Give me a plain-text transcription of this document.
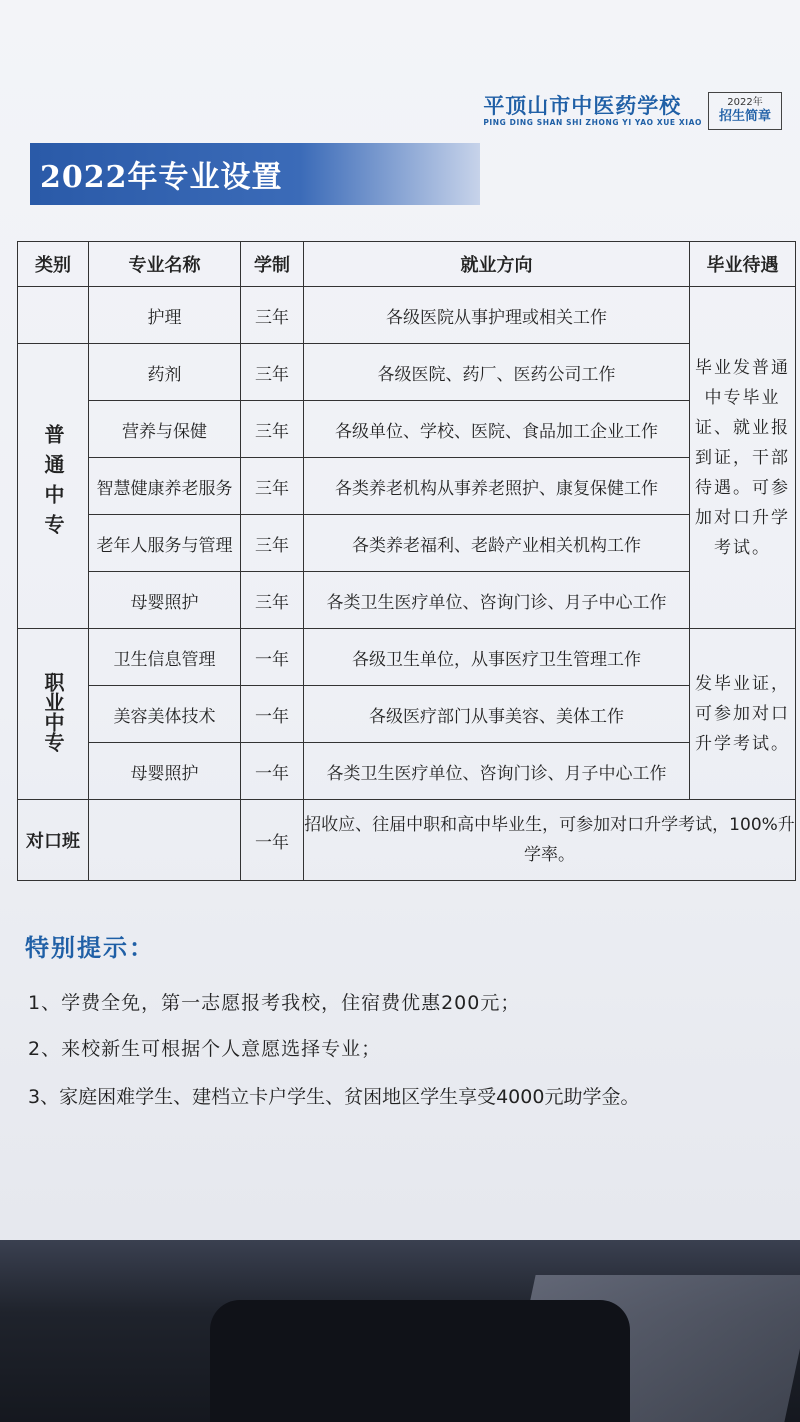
平顶山市中医药学校
PING DING SHAN SHI ZHONG YI YAO XUE XIAO
2022年
招生简章
2022年专业设置
类别	专业名称	学制	就业方向	毕业待遇
	护理	三年	各级医院从事护理或相关工作	毕业发普通中专毕业证、就业报到证，干部待遇。可参加对口升学考试。
普通中专	药剂	三年	各级医院、药厂、医药公司工作	
	营养与保健	三年	各级单位、学校、医院、食品加工企业工作	
	智慧健康养老服务	三年	各类养老机构从事养老照护、康复保健工作	
	老年人服务与管理	三年	各类养老福利、老龄产业相关机构工作	
	母婴照护	三年	各类卫生医疗单位、咨询门诊、月子中心工作	
职业中专	卫生信息管理	一年	各级卫生单位，从事医疗卫生管理工作	发毕业证，可参加对口升学考试。
	美容美体技术	一年	各级医疗部门从事美容、美体工作	
	母婴照护	一年	各类卫生医疗单位、咨询门诊、月子中心工作	
对口班		一年	招收应、往届中职和高中毕业生，可参加对口升学考试，100%升学率。	
特别提示：
1、学费全免，第一志愿报考我校，住宿费优惠200元；
2、来校新生可根据个人意愿选择专业；
3、家庭困难学生、建档立卡户学生、贫困地区学生享受4000元助学金。
